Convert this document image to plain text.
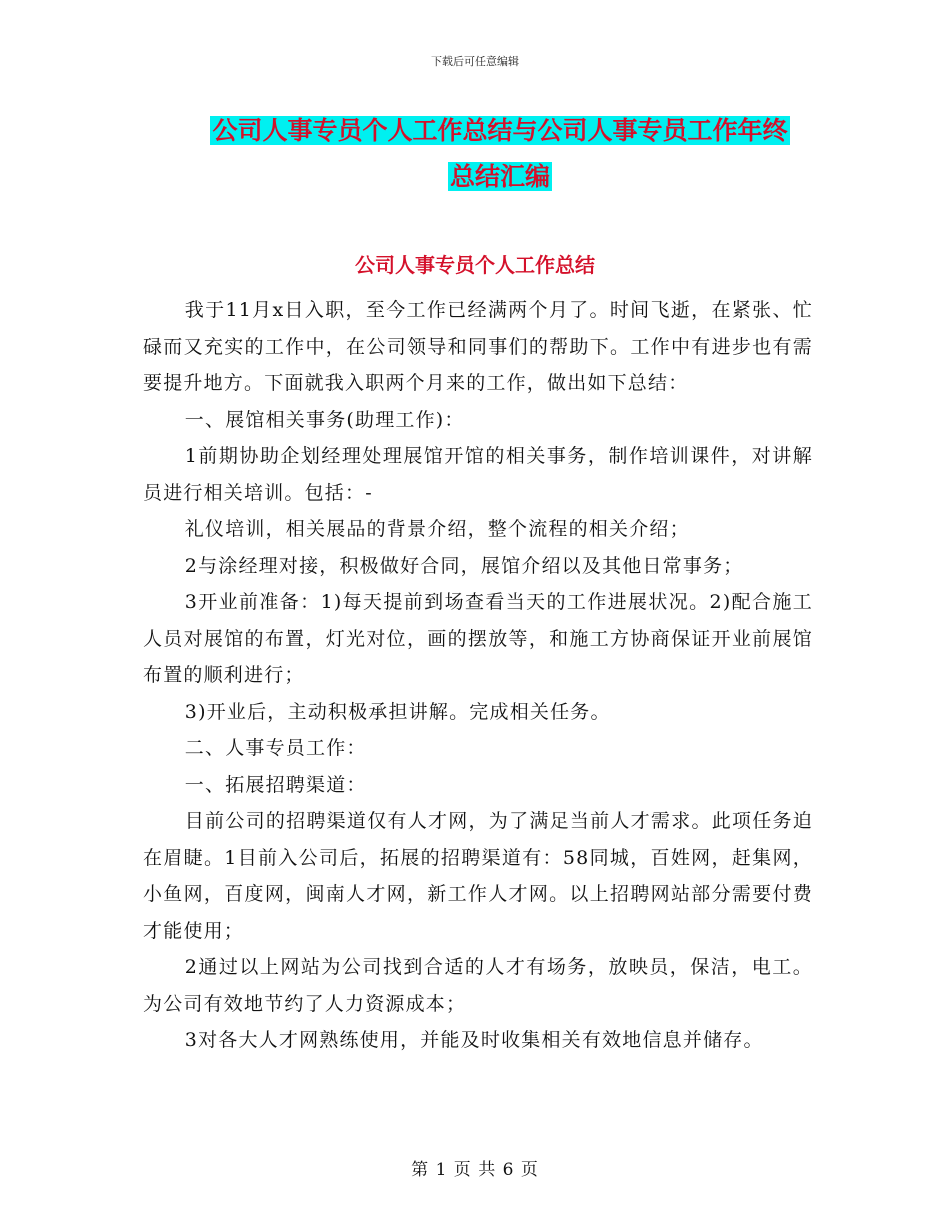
下载后可任意编辑
公司人事专员个人工作总结与公司人事专员工作年终
总结汇编
公司人事专员个人工作总结

我于11月x日入职，至今工作已经满两个月了。时间飞逝，在紧张、忙碌而又充实的工作中，在公司领导和同事们的帮助下。工作中有进步也有需要提升地方。下面就我入职两个月来的工作，做出如下总结：

一、展馆相关事务(助理工作)：

1前期协助企划经理处理展馆开馆的相关事务，制作培训课件，对讲解员进行相关培训。包括：-

礼仪培训，相关展品的背景介绍，整个流程的相关介绍；

2与涂经理对接，积极做好合同，展馆介绍以及其他日常事务；

3开业前准备：1)每天提前到场查看当天的工作进展状况。2)配合施工人员对展馆的布置，灯光对位，画的摆放等，和施工方协商保证开业前展馆布置的顺利进行；

3)开业后，主动积极承担讲解。完成相关任务。

二、人事专员工作：

一、拓展招聘渠道：

目前公司的招聘渠道仅有人才网，为了满足当前人才需求。此项任务迫在眉睫。1目前入公司后，拓展的招聘渠道有：58同城，百姓网，赶集网，小鱼网，百度网，闽南人才网，新工作人才网。以上招聘网站部分需要付费才能使用；

2通过以上网站为公司找到合适的人才有场务，放映员，保洁，电工。为公司有效地节约了人力资源成本；

3对各大人才网熟练使用，并能及时收集相关有效地信息并储存。

第 1 页 共 6 页
